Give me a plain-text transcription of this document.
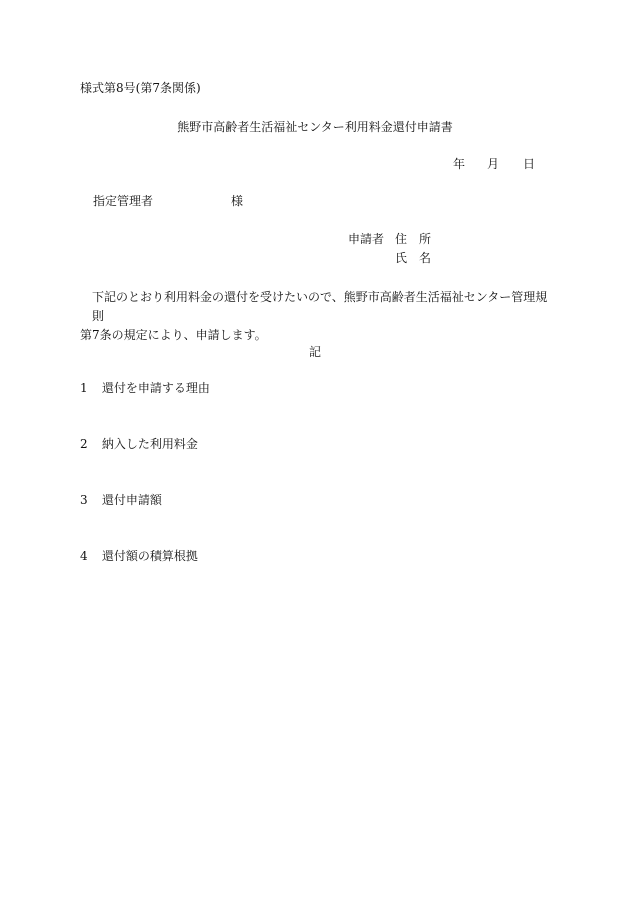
様式第8号(第7条関係)
熊野市高齢者生活福祉センター利用料金還付申請書
年 月 日
指定管理者	様
申請者 住　所
氏　名
下記のとおり利用料金の還付を受けたいので、熊野市高齢者生活福祉センター管理規則
第7条の規定により、申請します。
記
1 還付を申請する理由
2 納入した利用料金
3 還付申請額
4 還付額の積算根拠
